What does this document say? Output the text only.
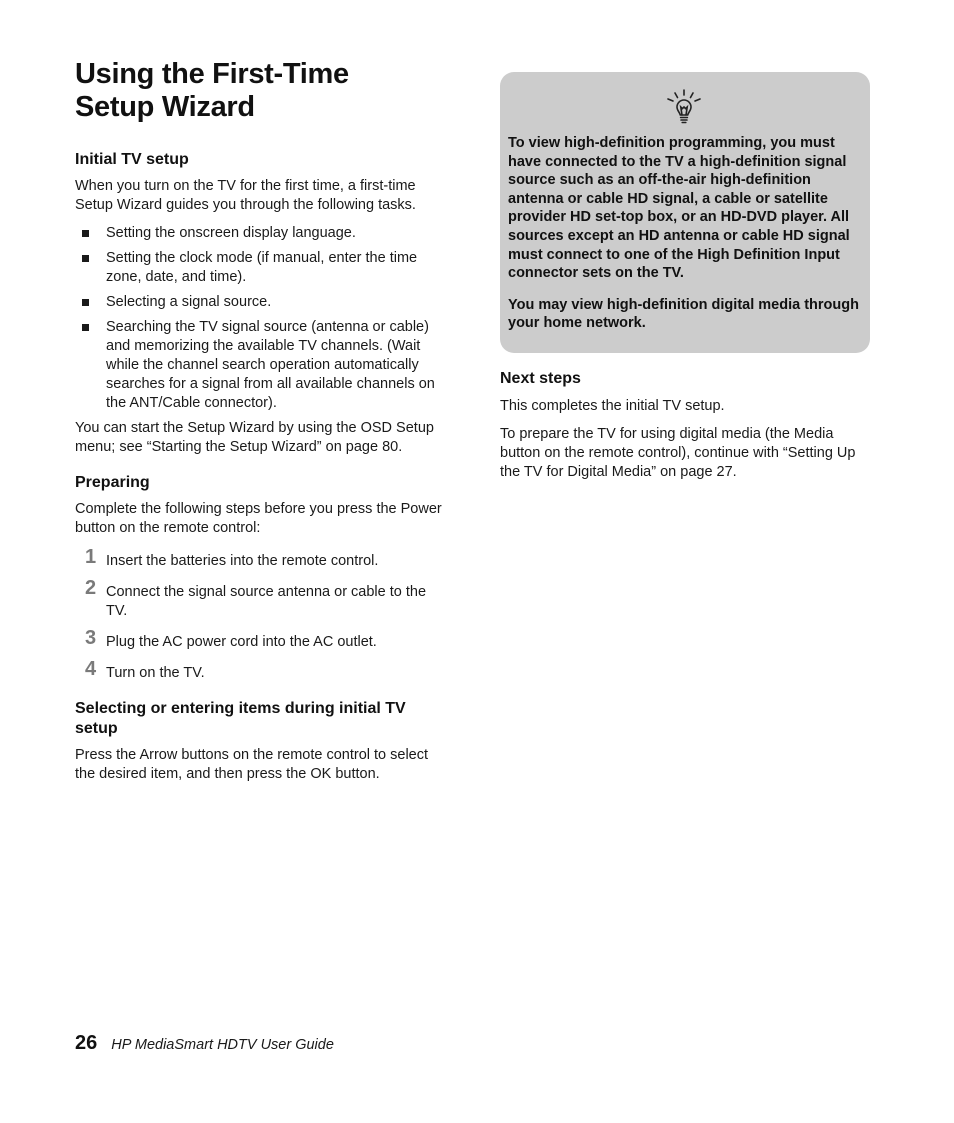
Using the First-Time
Setup Wizard
Initial TV setup

When you turn on the TV for the first time, a first-time Setup Wizard guides you through the following tasks.

Setting the onscreen display language.
Setting the clock mode (if manual, enter the time zone, date, and time).
Selecting a signal source.
Searching the TV signal source (antenna or cable) and memorizing the available TV channels. (Wait while the channel search operation automatically searches for a signal from all available channels on the ANT/Cable connector).

You can start the Setup Wizard by using the OSD Setup menu; see “Starting the Setup Wizard” on page 80.

Preparing

Complete the following steps before you press the Power button on the remote control:

1 Insert the batteries into the remote control.
2 Connect the signal source antenna or cable to the TV.
3 Plug the AC power cord into the AC outlet.
4 Turn on the TV.
Selecting or entering items during initial TV setup

Press the Arrow buttons on the remote control to select the desired item, and then press the OK button.

To view high-definition programming, you must have connected to the TV a high-definition signal source such as an off-the-air high-definition antenna or cable HD signal, a cable or satellite provider HD set-top box, or an HD-DVD player. All sources except an HD antenna or cable HD signal must connect to one of the High Definition Input connector sets on the TV.

You may view high-definition digital media through your home network.

Next steps

This completes the initial TV setup.

To prepare the TV for using digital media (the Media button on the remote control), continue with “Setting Up the TV for Digital Media” on page 27.

26 HP MediaSmart HDTV User Guide
